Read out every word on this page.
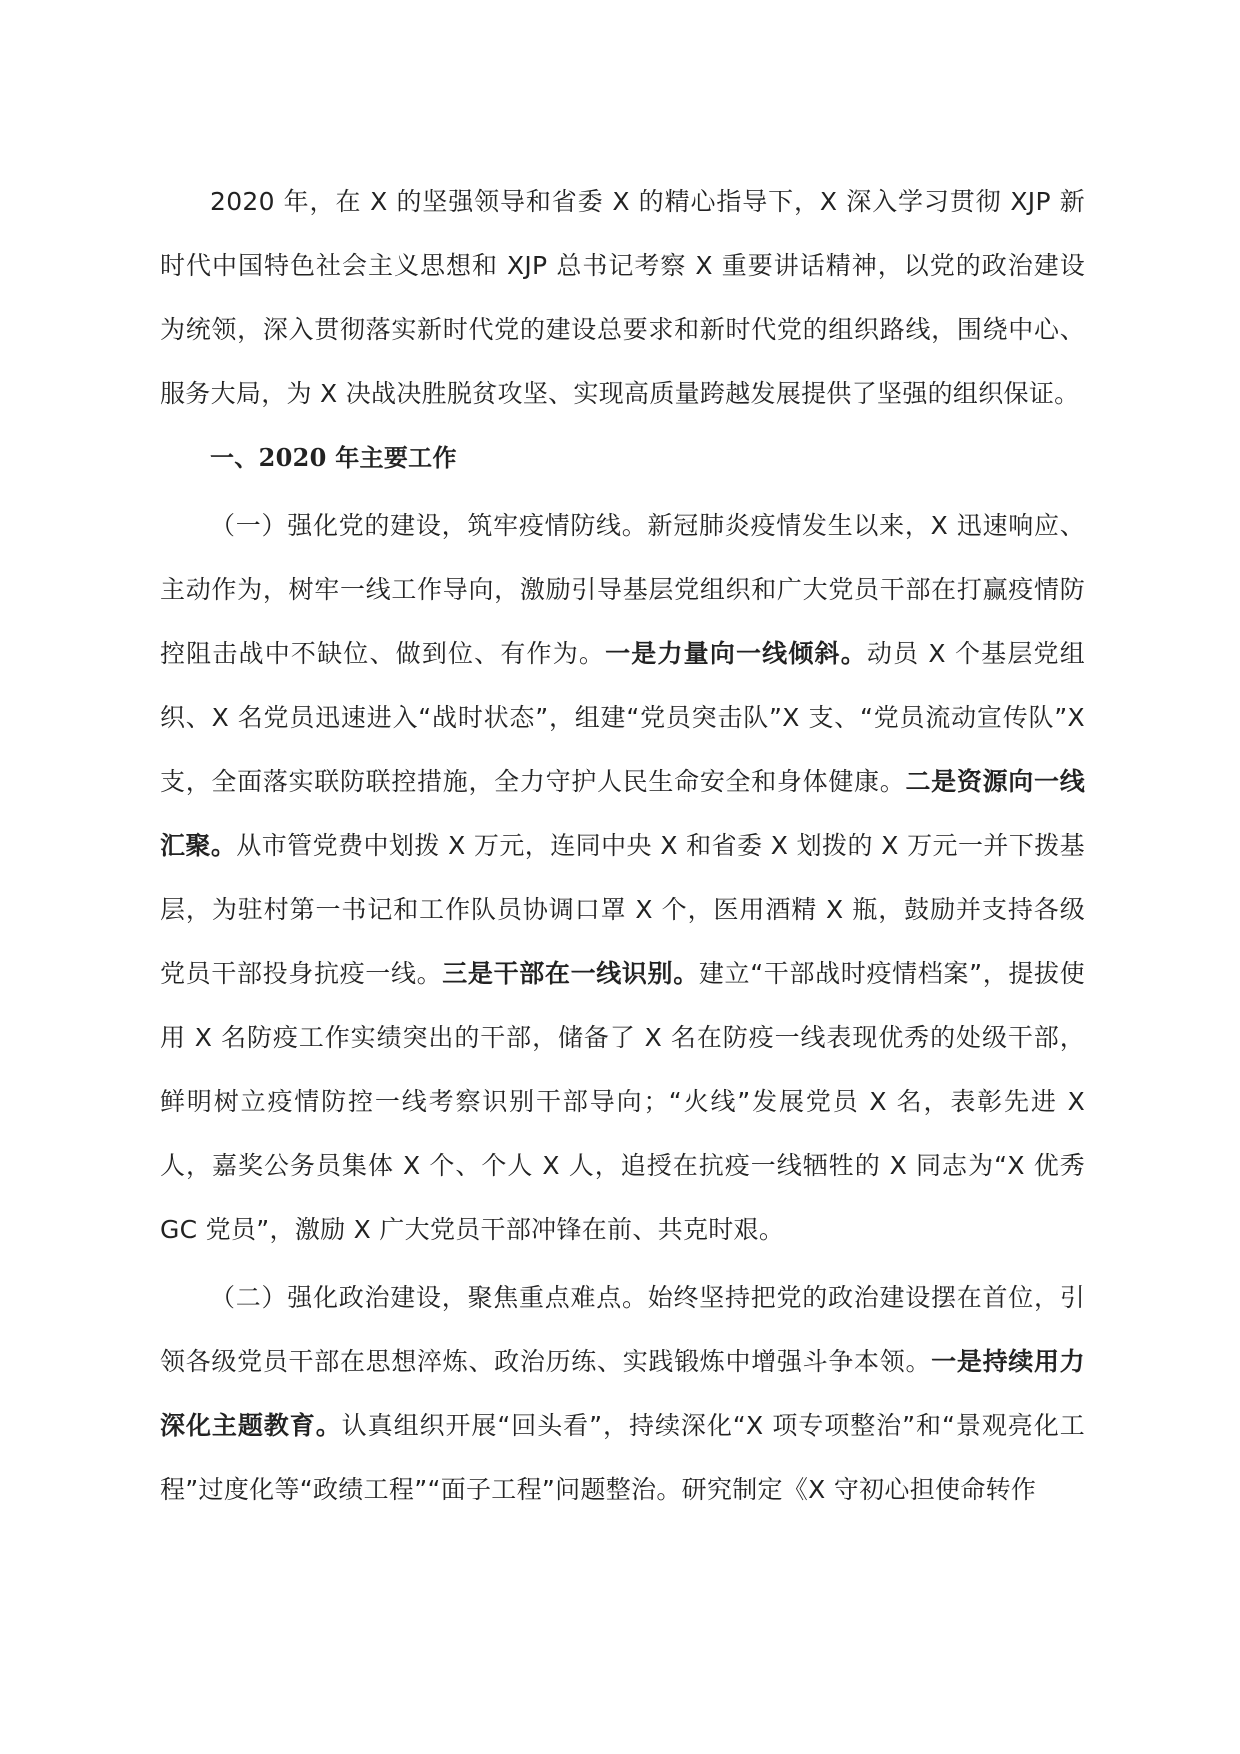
2020 年，在 X 的坚强领导和省委 X 的精心指导下，X 深入学习贯彻 XJP 新时代中国特色社会主义思想和 XJP 总书记考察 X 重要讲话精神，以党的政治建设为统领，深入贯彻落实新时代党的建设总要求和新时代党的组织路线，围绕中心、服务大局，为 X 决战决胜脱贫攻坚、实现高质量跨越发展提供了坚强的组织保证。

一、2020 年主要工作

（一）强化党的建设，筑牢疫情防线。新冠肺炎疫情发生以来，X 迅速响应、主动作为，树牢一线工作导向，激励引导基层党组织和广大党员干部在打赢疫情防控阻击战中不缺位、做到位、有作为。一是力量向一线倾斜。动员 X 个基层党组织、X 名党员迅速进入“战时状态”，组建“党员突击队”X 支、“党员流动宣传队”X 支，全面落实联防联控措施，全力守护人民生命安全和身体健康。二是资源向一线汇聚。从市管党费中划拨 X 万元，连同中央 X 和省委 X 划拨的 X 万元一并下拨基层，为驻村第一书记和工作队员协调口罩 X 个，医用酒精 X 瓶，鼓励并支持各级党员干部投身抗疫一线。三是干部在一线识别。建立“干部战时疫情档案”，提拔使用 X 名防疫工作实绩突出的干部，储备了 X 名在防疫一线表现优秀的处级干部，鲜明树立疫情防控一线考察识别干部导向；“火线”发展党员 X 名，表彰先进 X 人，嘉奖公务员集体 X 个、个人 X 人，追授在抗疫一线牺牲的 X 同志为“X 优秀 GC 党员”，激励 X 广大党员干部冲锋在前、共克时艰。

（二）强化政治建设，聚焦重点难点。始终坚持把党的政治建设摆在首位，引领各级党员干部在思想淬炼、政治历练、实践锻炼中增强斗争本领。一是持续用力深化主题教育。认真组织开展“回头看”，持续深化“X 项专项整治”和“景观亮化工程”过度化等“政绩工程”“面子工程”问题整治。研究制定《X 守初心担使命转作
